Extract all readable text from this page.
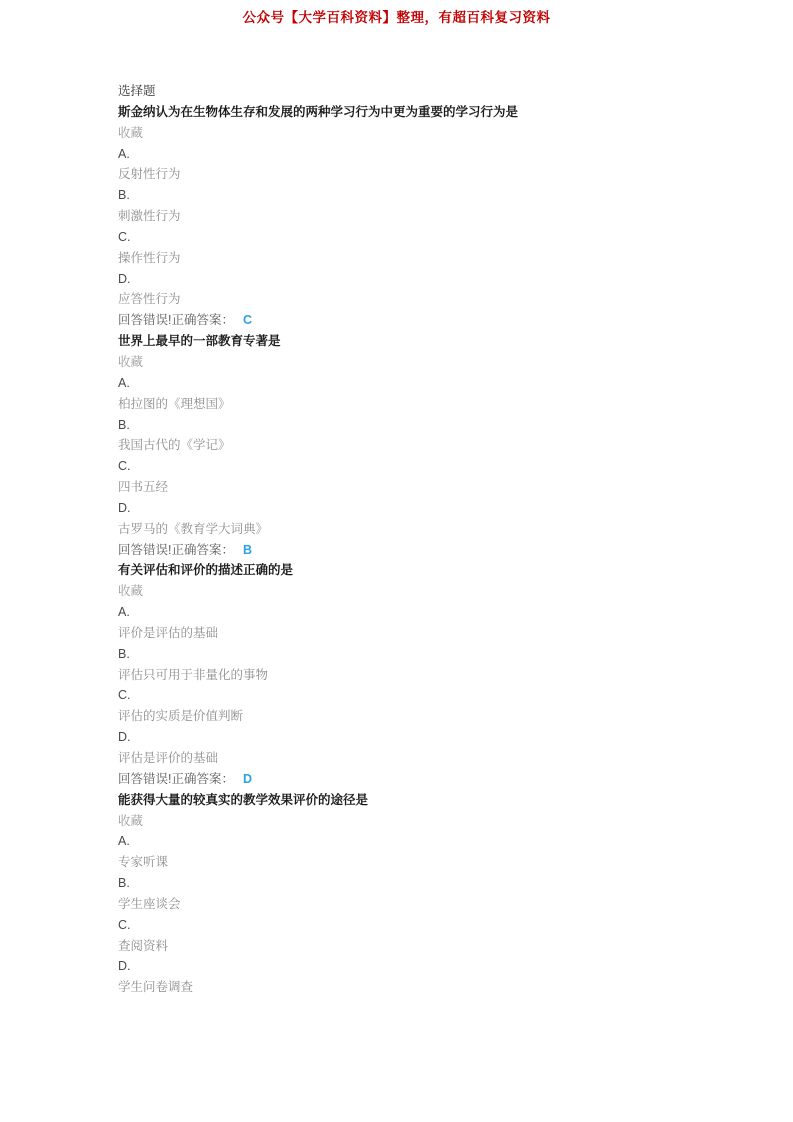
公众号【大学百科资料】整理，有超百科复习资料
选择题
斯金纳认为在生物体生存和发展的两种学习行为中更为重要的学习行为是
收藏
A.
反射性行为
B.
刺激性行为
C.
操作性行为
D.
应答性行为
回答错误!正确答案： C
世界上最早的一部教育专著是
收藏
A.
柏拉图的《理想国》
B.
我国古代的《学记》
C.
四书五经
D.
古罗马的《教育学大词典》
回答错误!正确答案： B
有关评估和评价的描述正确的是
收藏
A.
评价是评估的基础
B.
评估只可用于非量化的事物
C.
评估的实质是价值判断
D.
评估是评价的基础
回答错误!正确答案： D
能获得大量的较真实的教学效果评价的途径是
收藏
A.
专家听课
B.
学生座谈会
C.
查阅资料
D.
学生问卷调查
